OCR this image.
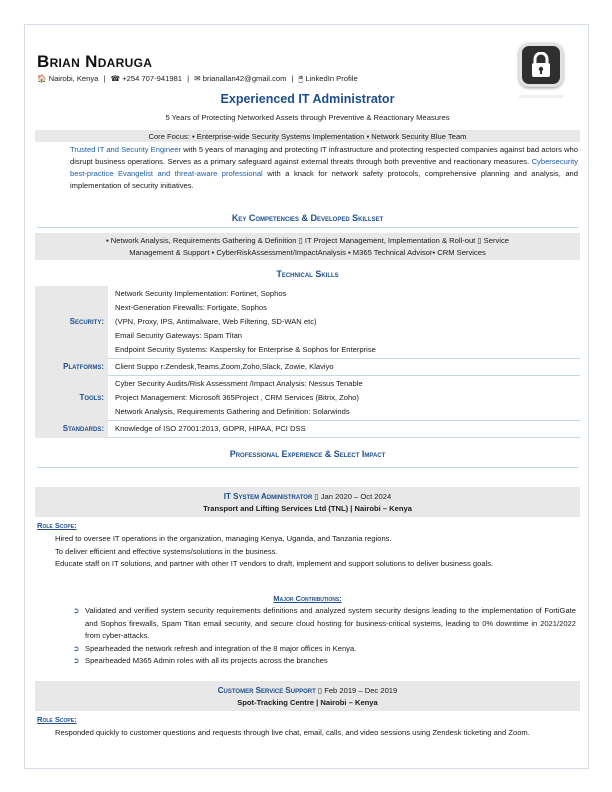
Brian Ndaruga
🏠 Nairobi, Kenya | ☎ +254 707-941981 | ✉ brianallan42@gmail.com | 🖱 LinkedIn Profile
Experienced IT Administrator
5 Years of Protecting Networked Assets through Preventive & Reactionary Measures
Core Focus: ▪ Enterprise-wide Security Systems Implementation ▪ Network Security Blue Team
Trusted IT and Security Engineer with 5 years of managing and protecting IT infrastructure and protecting respected companies against bad actors who disrupt business operations. Serves as a primary safeguard against external threats through both preventive and reactionary measures. Cybersecurity best-practice Evangelist and threat-aware professional with a knack for network safety protocols, comprehensive planning and analysis, and implementation of security initiatives.
Key Competencies & Developed Skillset
▪ Network Analysis, Requirements Gathering & Definition ▯ IT Project Management, Implementation & Roll-out ▯ Service
Management & Support ▪ CyberRiskAssessment/ImpactAnalysis ▪ M365 Technical Advisor▪ CRM Services
Technical Skills
Security:	Network Security Implementation: Fortinet, Sophos
Next-Generation Firewalls: Fortigate, Sophos
(VPN, Proxy, IPS, Antimalware, Web Filtering, SD-WAN etc)
Email Security Gateways: Spam Titan
Endpoint Security Systems: Kaspersky for Enterprise & Sophos for Enterprise

Platforms:	Client Suppo r:Zendesk,Teams,Zoom,Zoho,Slack, Zowie, Klaviyo
Tools:	Cyber Security Audits/Risk Assessment /Impact Analysis: Nessus Tenable
Project Management: Microsoft 365Project , CRM Services (Bitrix, Zoho)
Network Analysis, Requirements Gathering and Definition: Solarwinds

Standards:	Knowledge of ISO 27001:2013, GDPR, HIPAA, PCI DSS
Professional Experience & Select Impact
IT System Administrator ▯ Jan 2020 – Oct 2024
Transport and Lifting Services Ltd (TNL) | Nairobi – Kenya
Role Scope:
Hired to oversee IT operations in the organization, managing Kenya, Uganda, and Tanzania regions.
To deliver efficient and effective systems/solutions in the business.
Educate staff on IT solutions, and partner with other IT vendors to draft, implement and support solutions to deliver business goals.
Major Contributions:
➲ Validated and verified system security requirements definitions and analyzed system security designs leading to the implementation of FortiGate and Sophos firewalls, Spam Titan email security, and secure cloud hosting for business-critical systems, leading to 0% downtime in 2021/2022 from cyber-attacks.
➲ Spearheaded the network refresh and integration of the 8 major offices in Kenya.
➲ Spearheaded M365 Admin roles with all its projects across the branches
Customer Service Support ▯ Feb 2019 – Dec 2019
Spot-Tracking Centre | Nairobi – Kenya
Role Scope:
Responded quickly to customer questions and requests through live chat, email, calls, and video sessions using Zendesk ticketing and Zoom.
